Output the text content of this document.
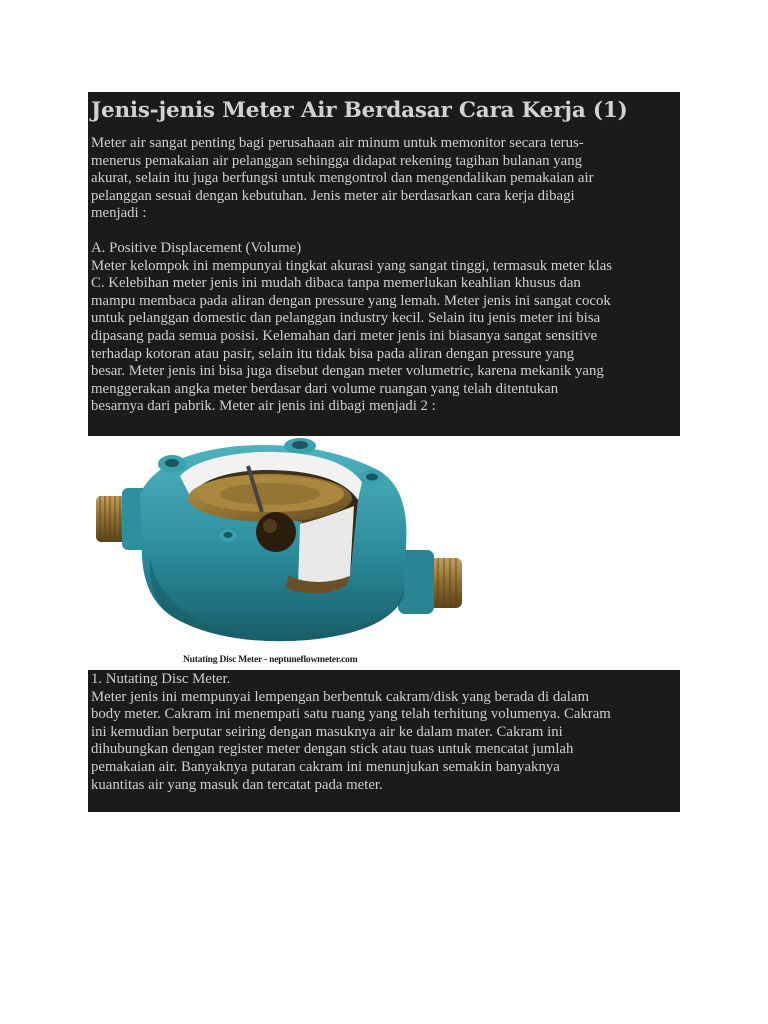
Jenis-jenis Meter Air Berdasar Cara Kerja (1)

Meter air sangat penting bagi perusahaan air minum untuk memonitor secara terus-
menerus pemakaian air pelanggan sehingga didapat rekening tagihan bulanan yang
akurat, selain itu juga berfungsi untuk mengontrol dan mengendalikan pemakaian air
pelanggan sesuai dengan kebutuhan. Jenis meter air berdasarkan cara kerja dibagi
menjadi :

A. Positive Displacement (Volume)

Meter kelompok ini mempunyai tingkat akurasi yang sangat tinggi, termasuk meter klas
C. Kelebihan meter jenis ini mudah dibaca tanpa memerlukan keahlian khusus dan
mampu membaca pada aliran dengan pressure yang lemah. Meter jenis ini sangat cocok
untuk pelanggan domestic dan pelanggan industry kecil. Selain itu jenis meter ini bisa
dipasang pada semua posisi. Kelemahan dari meter jenis ini biasanya sangat sensitive
terhadap kotoran atau pasir, selain itu tidak bisa pada aliran dengan pressure yang
besar. Meter jenis ini bisa juga disebut dengan meter volumetric, karena mekanik yang
menggerakan angka meter berdasar dari volume ruangan yang telah ditentukan
besarnya dari pabrik. Meter air jenis ini dibagi menjadi 2 :

Nutating Disc Meter - neptuneflowmeter.com

1. Nutating Disc Meter.

Meter jenis ini mempunyai lempengan berbentuk cakram/disk yang berada di dalam
body meter. Cakram ini menempati satu ruang yang telah terhitung volumenya. Cakram
ini kemudian berputar seiring dengan masuknya air ke dalam mater. Cakram ini
dihubungkan dengan register meter dengan stick atau tuas untuk mencatat jumlah
pemakaian air. Banyaknya putaran cakram ini menunjukan semakin banyaknya
kuantitas air yang masuk dan tercatat pada meter.
